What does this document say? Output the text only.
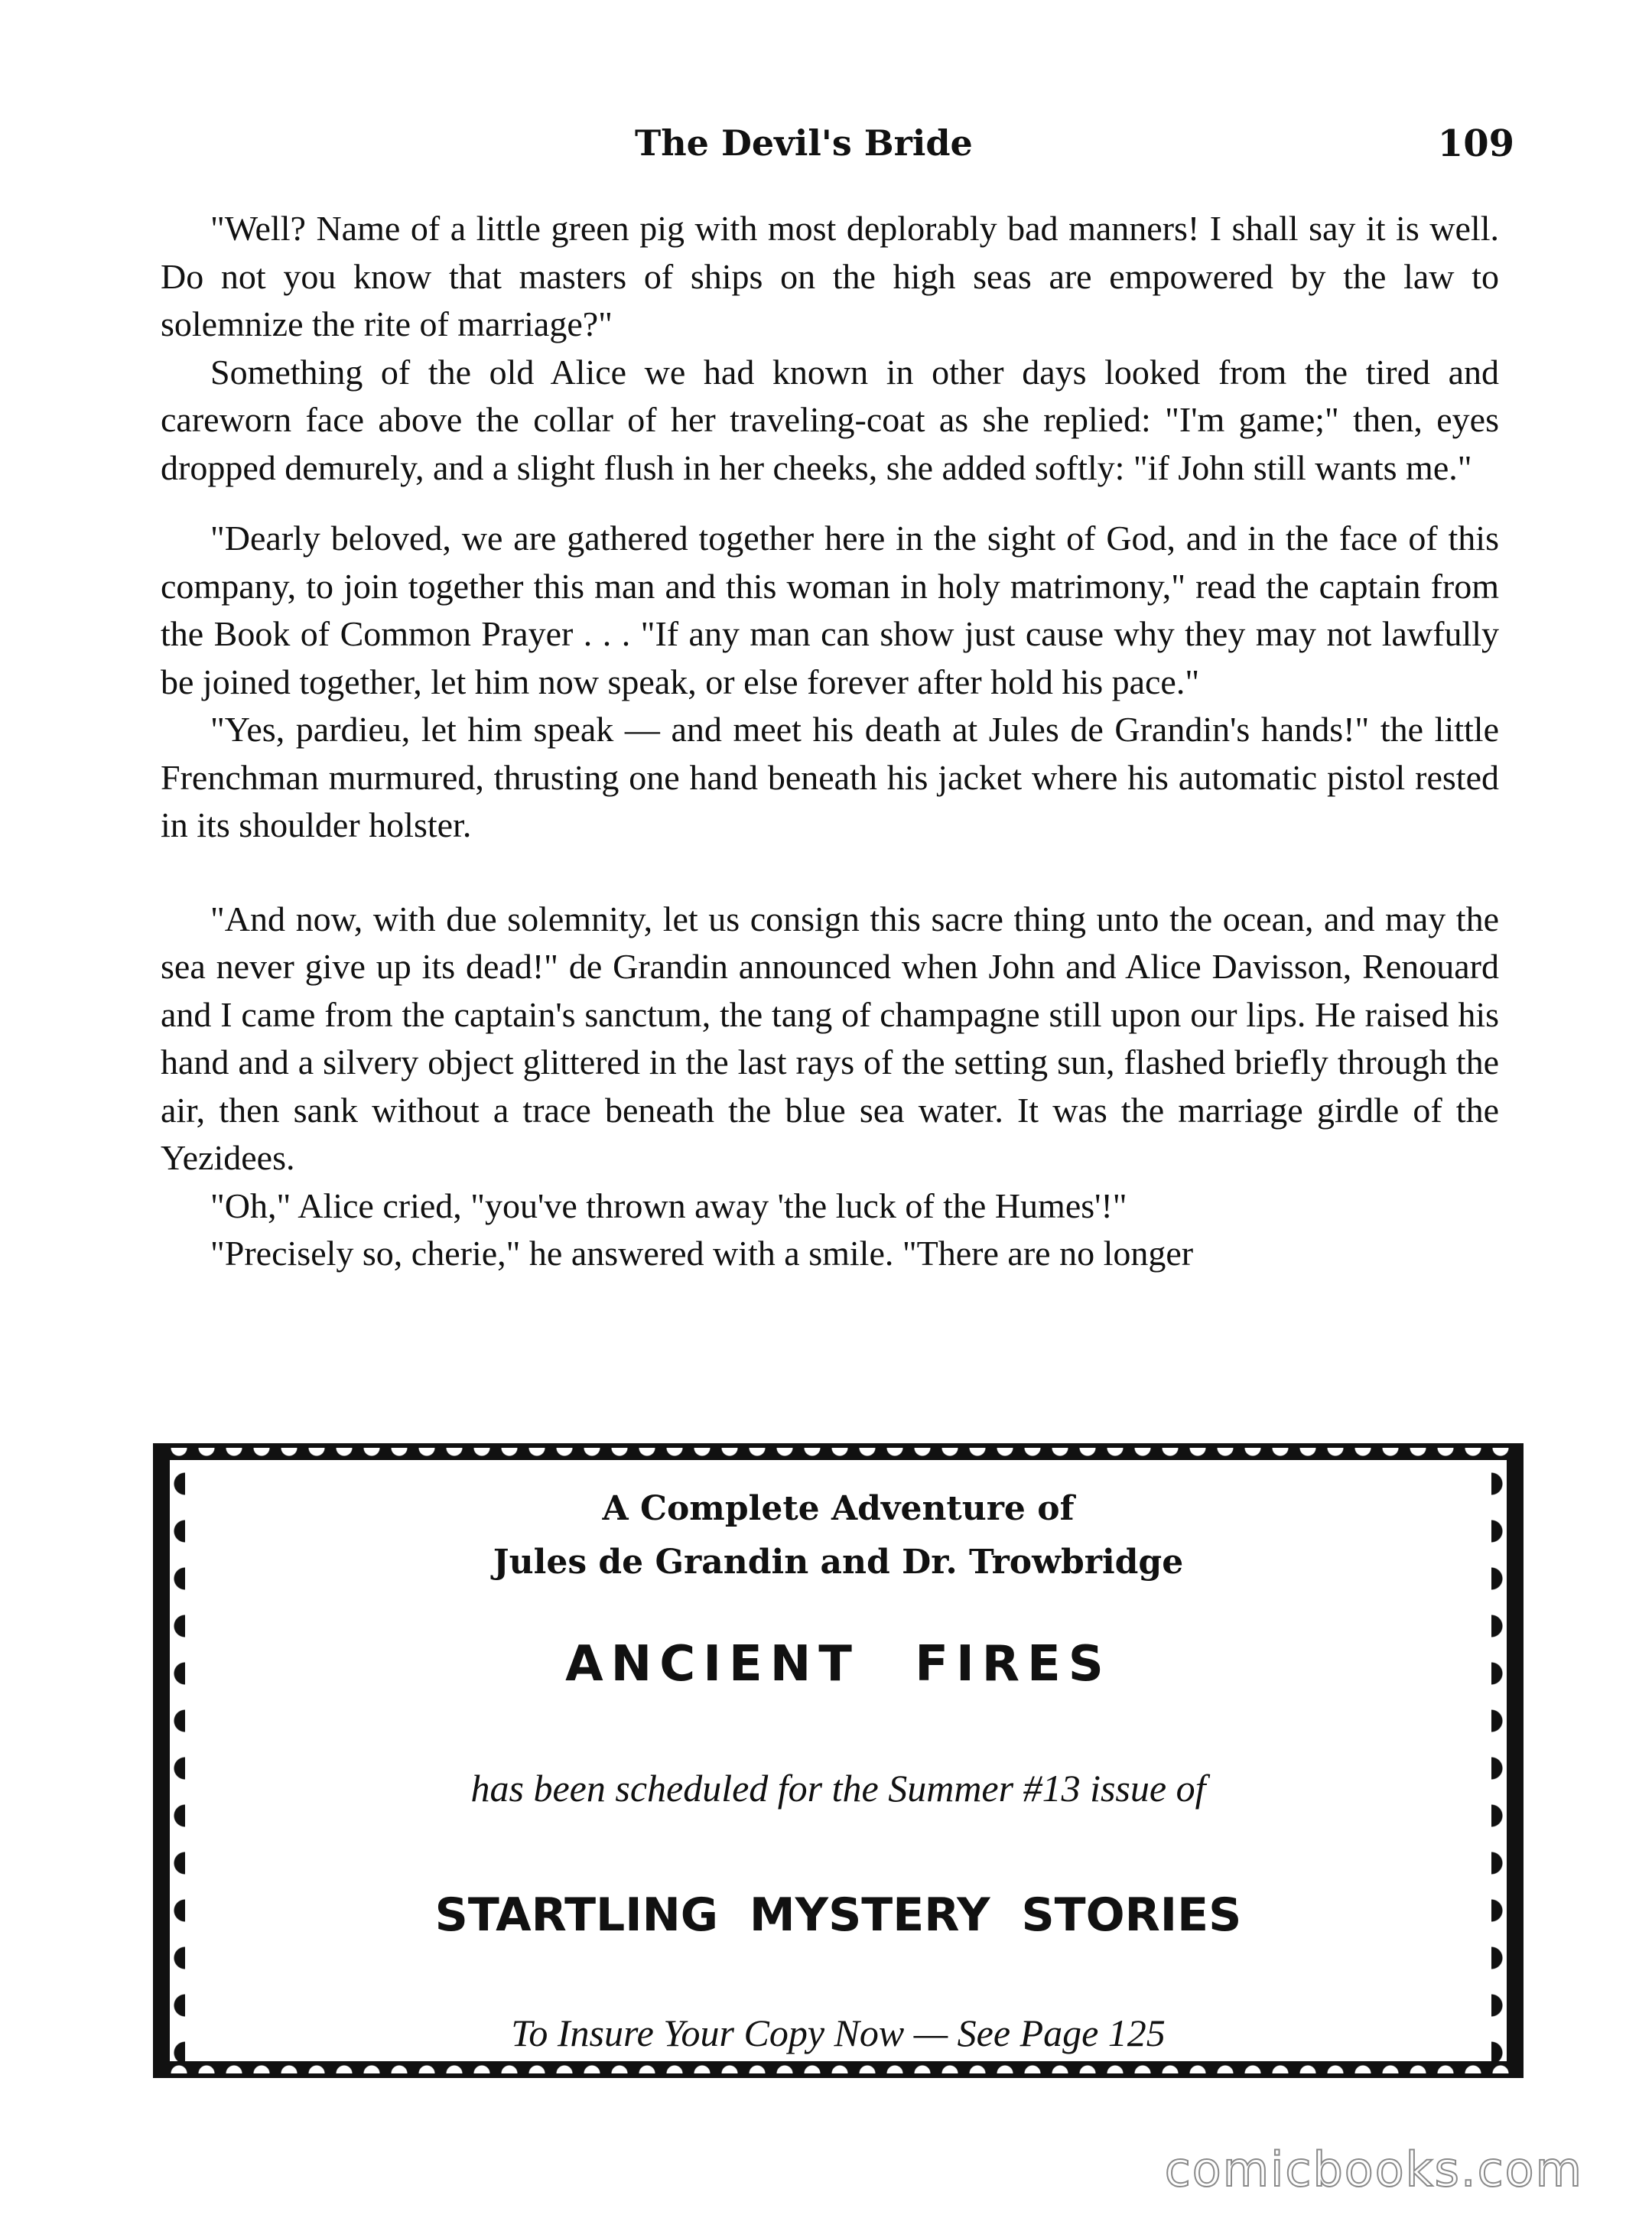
The Devil's Bride	109

"Well? Name of a little green pig with most deplorably bad manners! I shall say it is well. Do not you know that masters of ships on the high seas are empowered by the law to solemnize the rite of marriage?"

Something of the old Alice we had known in other days looked from the tired and careworn face above the collar of her traveling-coat as she replied: "I'm game;" then, eyes dropped demurely, and a slight flush in her cheeks, she added softly: "if John still wants me."

"Dearly beloved, we are gathered together here in the sight of God, and in the face of this company, to join together this man and this woman in holy matrimony," read the captain from the Book of Common Prayer . . . "If any man can show just cause why they may not lawfully be joined together, let him now speak, or else forever after hold his pace."

"Yes, pardieu, let him speak — and meet his death at Jules de Grandin's hands!" the little Frenchman murmured, thrusting one hand beneath his jacket where his automatic pistol rested in its shoulder holster.

"And now, with due solemnity, let us consign this sacre thing unto the ocean, and may the sea never give up its dead!" de Grandin announced when John and Alice Davisson, Renouard and I came from the captain's sanctum, the tang of champagne still upon our lips. He raised his hand and a silvery object glittered in the last rays of the setting sun, flashed briefly through the air, then sank without a trace beneath the blue sea water. It was the marriage girdle of the Yezidees.

"Oh," Alice cried, "you've thrown away 'the luck of the Humes'!"

"Precisely so, cherie," he answered with a smile. "There are no longer

A Complete Adventure of
Jules de Grandin and Dr. Trowbridge
ANCIENT FIRES
has been scheduled for the Summer #13 issue of
STARTLING MYSTERY STORIES
To Insure Your Copy Now — See Page 125
comicbooks.com
